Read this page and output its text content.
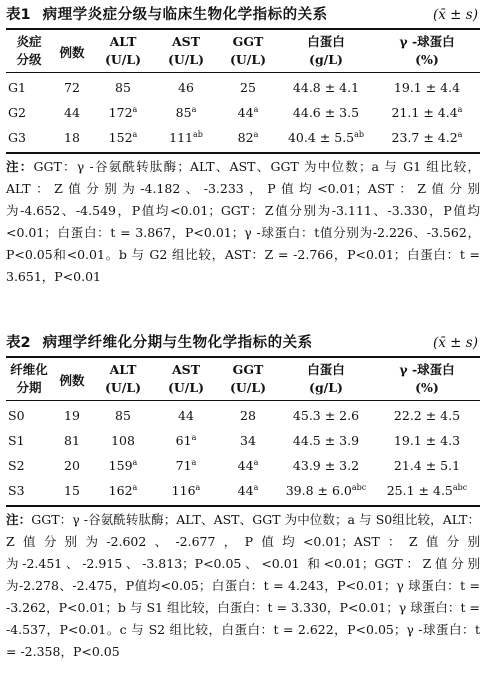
表1 病理学炎症分级与临床生物化学指标的关系	(x̄ ± s)
炎症	例数	ALT	AST	GGT	白蛋白	γ -球蛋白
分级		(U/L)	(U/L)	(U/L)	(g/L)	(%)
G1	72	85	46	25	44.8 ± 4.1	19.1 ± 4.4
G2	44	172$^a$	85$^a$	44$^a$	44.6 ± 3.5	21.1 ± 4.4$^a$
G3	18	152$^a$	$111^{ab}$	82$^a$	40.4 ± 5.5$^{ab}$	23.7 ± 4.2$^a$
注：GGT：γ -谷氨酰转肽酶；ALT、AST、GGT 为中位数；a 与 G1 组比较，ALT：Z值分别为-4.182、-3.233，P值均<0.01；AST：Z值分别为-4.652、-4.549，P值均<0.01；GGT：Z值分别为-3.111、-3.330，P值均<0.01；白蛋白：t = 3.867，P<0.01；γ -球蛋白：t值分别为-2.226、-3.562，P<0.05和<0.01。b 与 G2 组比较，AST：Z = -2.766，P<0.01；白蛋白：t = 3.651，P<0.01
表2 病理学纤维化分期与生物化学指标的关系	(x̄ ± s)
纤维化	例数	ALT	AST	GGT	白蛋白	γ -球蛋白
分期		(U/L)	(U/L)	(U/L)	(g/L)	(%)
S0	19	85	44	28	45.3 ± 2.6	22.2 ± 4.5
S1	81	108	61$^a$	34	44.5 ± 3.9	19.1 ± 4.3
S2	20	159$^a$	71$^a$	44$^a$	43.9 ± 3.2	21.4 ± 5.1
S3	15	162$^a$	116$^a$	44$^a$	39.8 ± 6.0$^{abc}$	25.1 ± 4.5$^{abc}$
注：GGT：γ -谷氨酰转肽酶；ALT、AST、GGT 为中位数；a 与 S0组比较，ALT：Z值分别为-2.602、-2.677，P值均<0.01；AST：Z值分别为-2.451、-2.915、-3.813；P<0.05、<0.01 和<0.01；GGT：Z值分别为-2.278、-2.475，P值均<0.05；白蛋白：t = 4.243，P<0.01；γ 球蛋白：t = -3.262，P<0.01；b 与 S1 组比较，白蛋白：t = 3.330，P<0.01；γ 球蛋白：t = -4.537，P<0.01。c 与 S2 组比较，白蛋白：t = 2.622，P<0.05；γ -球蛋白：t = -2.358，P<0.05
